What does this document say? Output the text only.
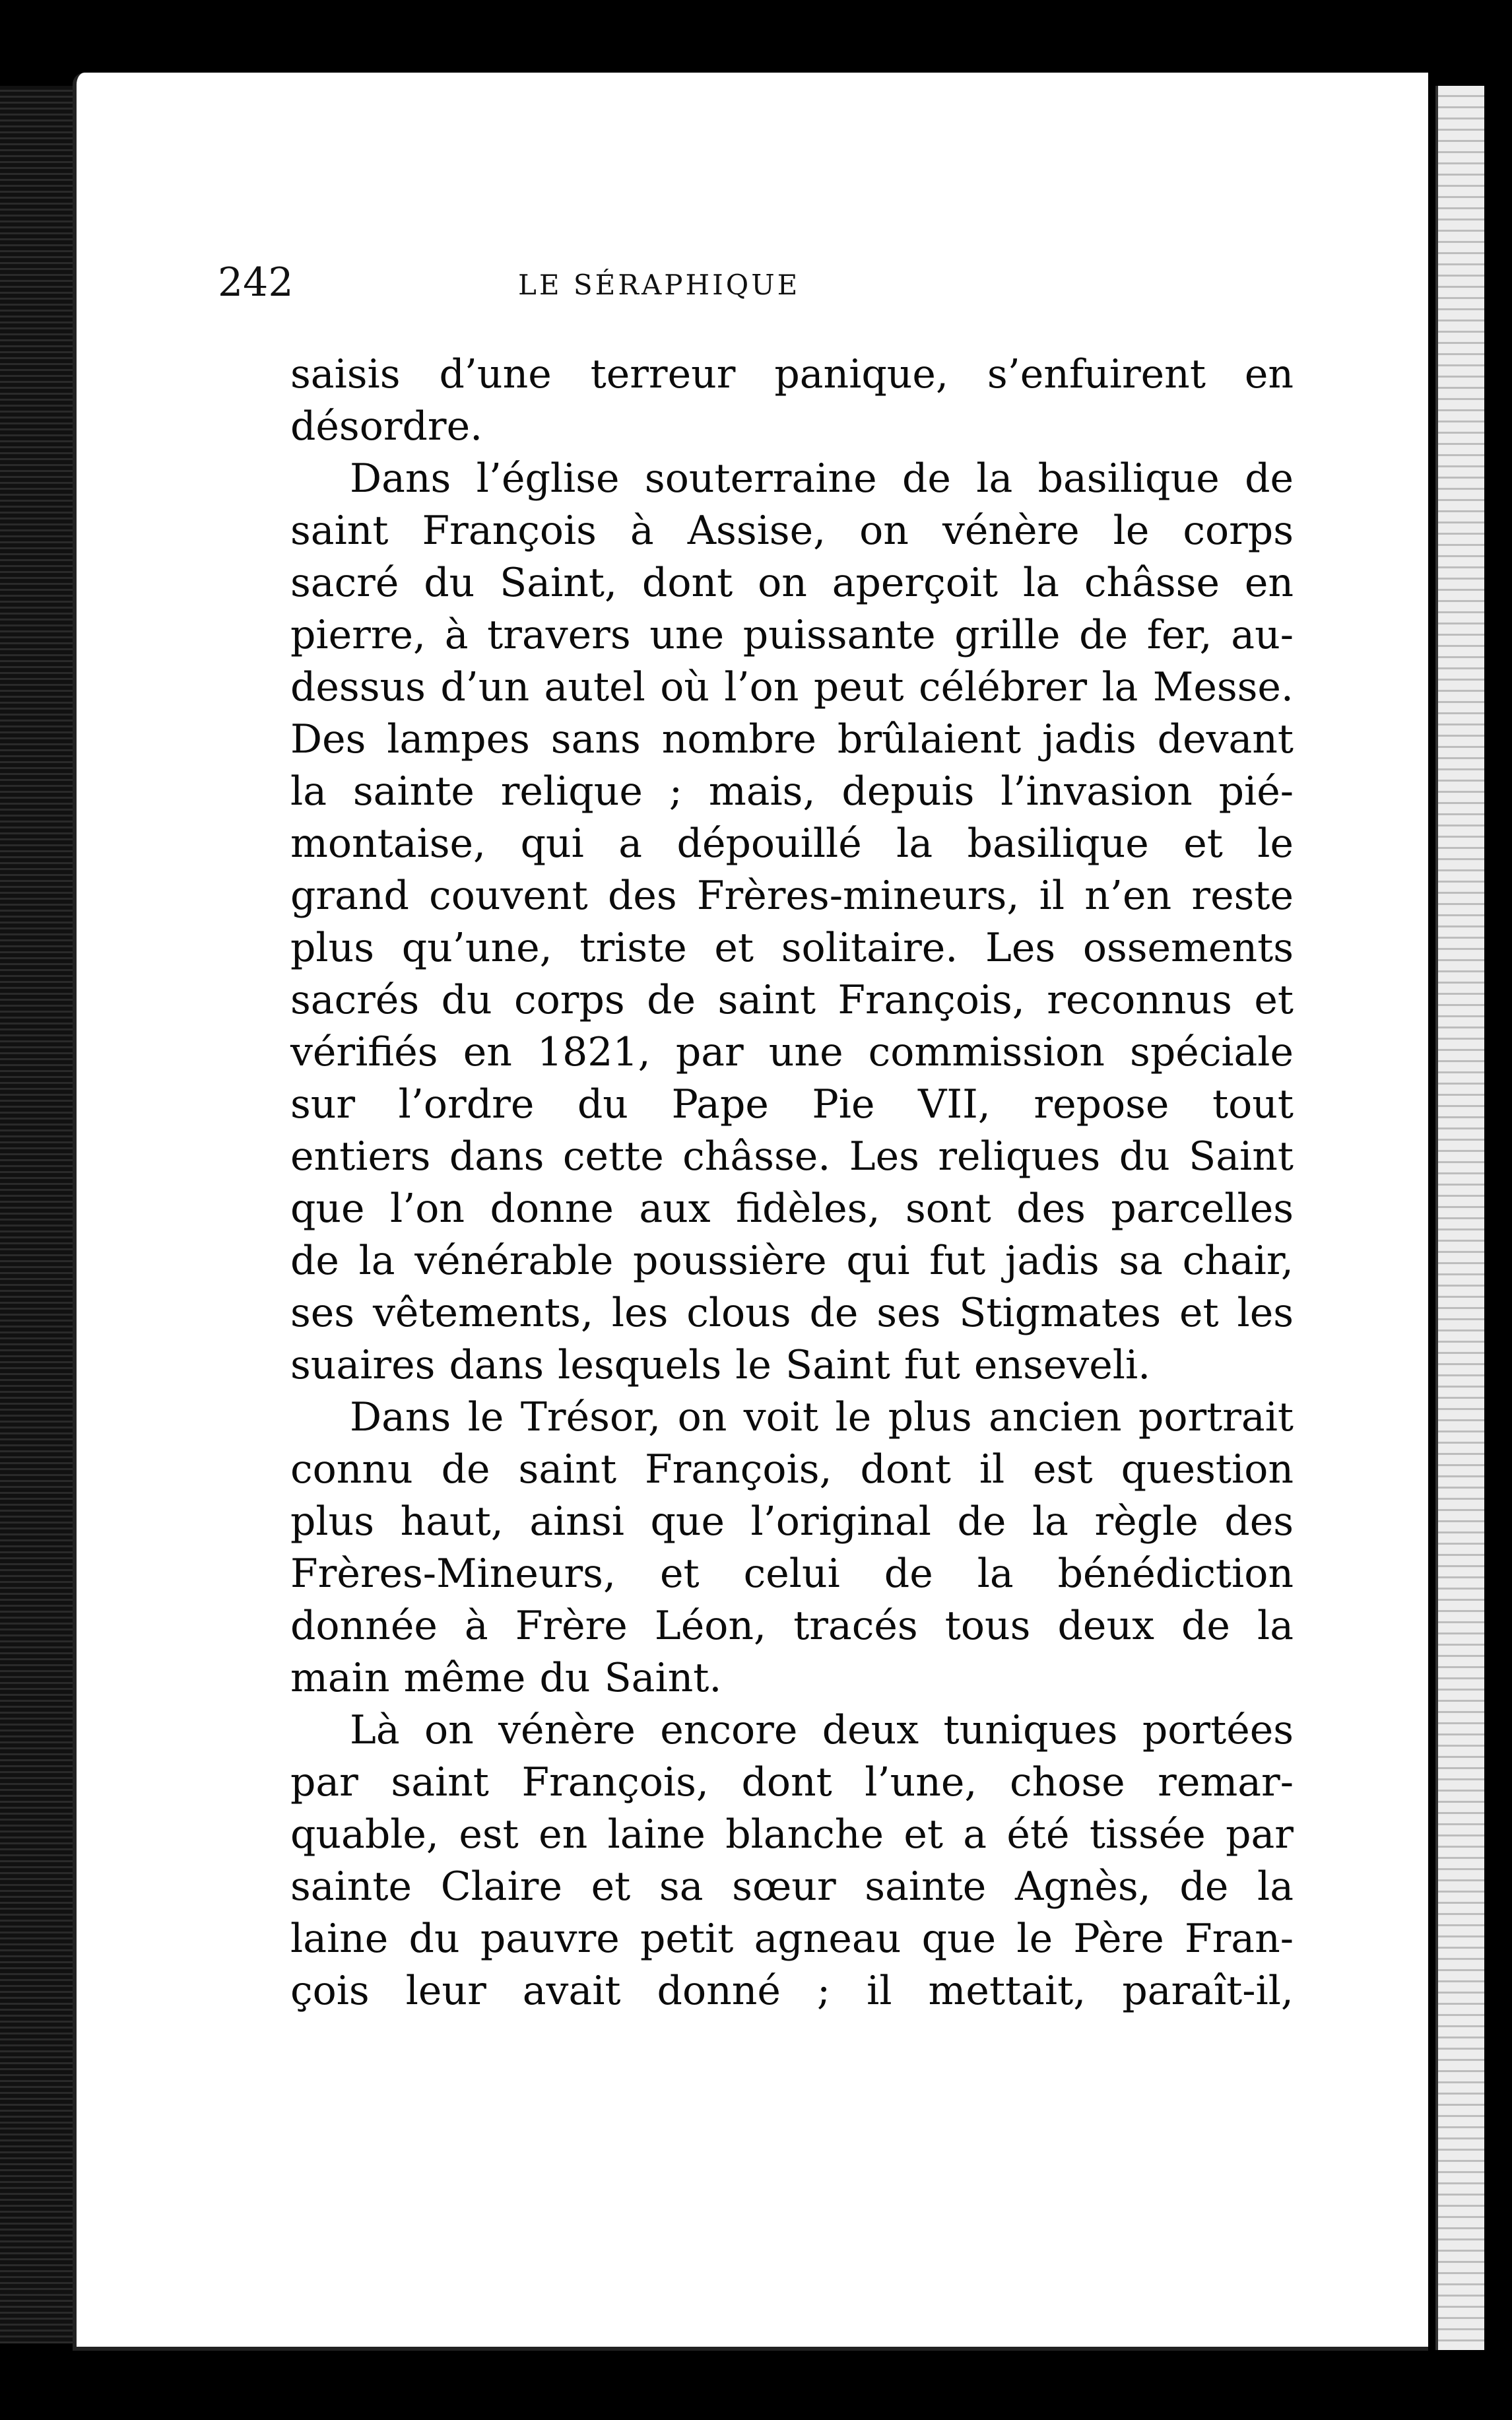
242	LE SÉRAPHIQUE
saisis d’une terreur panique, s’enfuirent en
désordre.
Dans l’église souterraine de la basilique de
saint François à Assise, on vénère le corps
sacré du Saint, dont on aperçoit la châsse en
pierre, à travers une puissante grille de fer, au-
dessus d’un autel où l’on peut célébrer la Messe.
Des lampes sans nombre brûlaient jadis devant
la sainte relique ; mais, depuis l’invasion pié-
montaise, qui a dépouillé la basilique et le
grand couvent des Frères-mineurs, il n’en reste
plus qu’une, triste et solitaire. Les ossements
sacrés du corps de saint François, reconnus et
vérifiés en 1821, par une commission spéciale
sur l’ordre du Pape Pie VII, repose tout
entiers dans cette châsse. Les reliques du Saint
que l’on donne aux fidèles, sont des parcelles
de la vénérable poussière qui fut jadis sa chair,
ses vêtements, les clous de ses Stigmates et les
suaires dans lesquels le Saint fut enseveli.
Dans le Trésor, on voit le plus ancien portrait
connu de saint François, dont il est question
plus haut, ainsi que l’original de la règle des
Frères-Mineurs, et celui de la bénédiction
donnée à Frère Léon, tracés tous deux de la
main même du Saint.
Là on vénère encore deux tuniques portées
par saint François, dont l’une, chose remar-
quable, est en laine blanche et a été tissée par
sainte Claire et sa sœur sainte Agnès, de la
laine du pauvre petit agneau que le Père Fran-
çois leur avait donné ; il mettait, paraît-il,
